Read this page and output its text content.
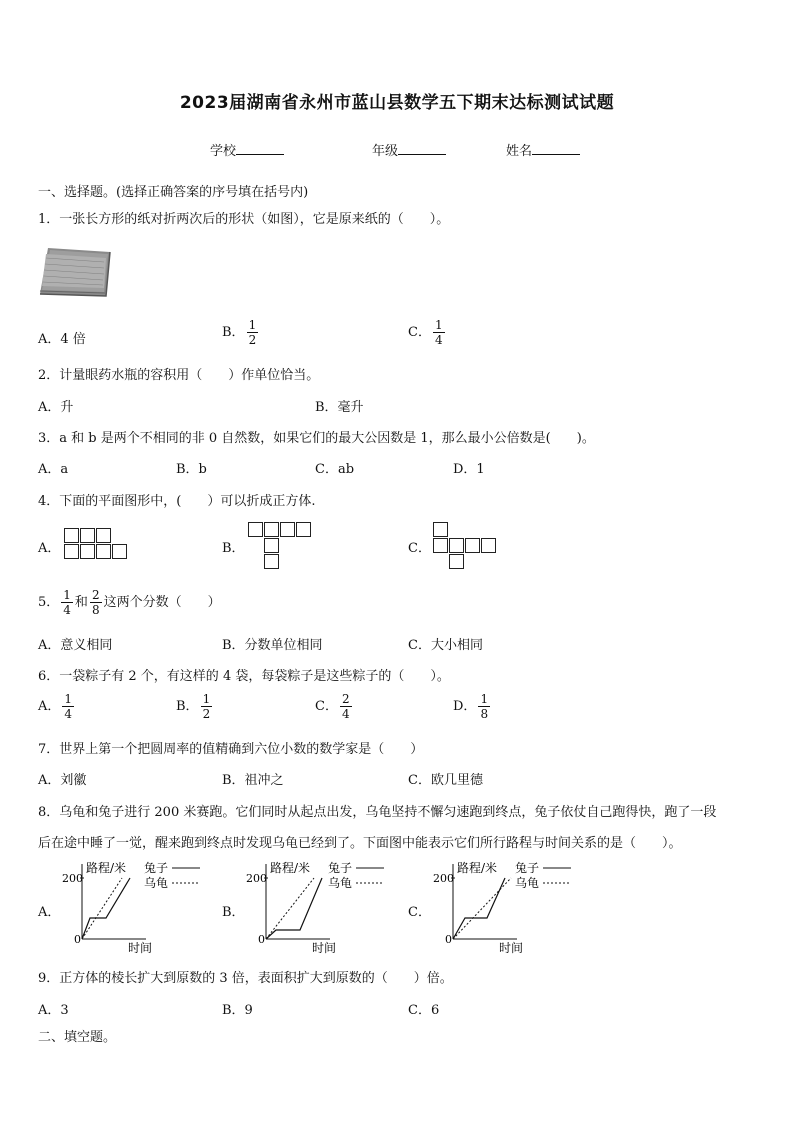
2023届湖南省永州市蓝山县数学五下期末达标测试试题
学校	年级	姓名
一、选择题。(选择正确答案的序号填在括号内)
1．一张长方形的纸对折两次后的形状（如图），它是原来纸的（　　）。
A．4 倍	B． $\frac{1}{2}$	C． $\frac{1}{4}$
2．计量眼药水瓶的容积用（　　）作单位恰当。
A．升	B．毫升
3．a 和 b 是两个不相同的非 0 自然数，如果它们的最大公因数是 1，那么最小公倍数是(　　)。
A．a	B．b	C．ab	D．1
4．下面的平面图形中，(　　）可以折成正方体.
A．	B．	C．
5． $\frac{1}{4}$ 和 $\frac{2}{8}$ 这两个分数（　　）
A．意义相同	B．分数单位相同	C．大小相同
6．一袋粽子有 2 个，有这样的 4 袋，每袋粽子是这些粽子的（　　）。
A． $\frac{1}{4}$	B． $\frac{1}{2}$	C． $\frac{2}{4}$	D． $\frac{1}{8}$
7．世界上第一个把圆周率的值精确到六位小数的数学家是（　　）
A．刘徽	B．祖冲之	C．欧几里德
8．乌龟和兔子进行 200 米赛跑。它们同时从起点出发，乌龟坚持不懈匀速跑到终点，兔子依仗自己跑得快，跑了一段
后在途中睡了一觉，醒来跑到终点时发现乌龟已经到了。下面图中能表示它们所行路程与时间关系的是（　　）。
A．	B．	C．
路程/米 兔子
乌龟
200
0
时间
路程/米 兔子
乌龟
200
0
时间
路程/米 兔子
乌龟
200
0
时间
9．正方体的棱长扩大到原数的 3 倍，表面积扩大到原数的（　　）倍。
A．3	B．9	C．6
二、填空题。
